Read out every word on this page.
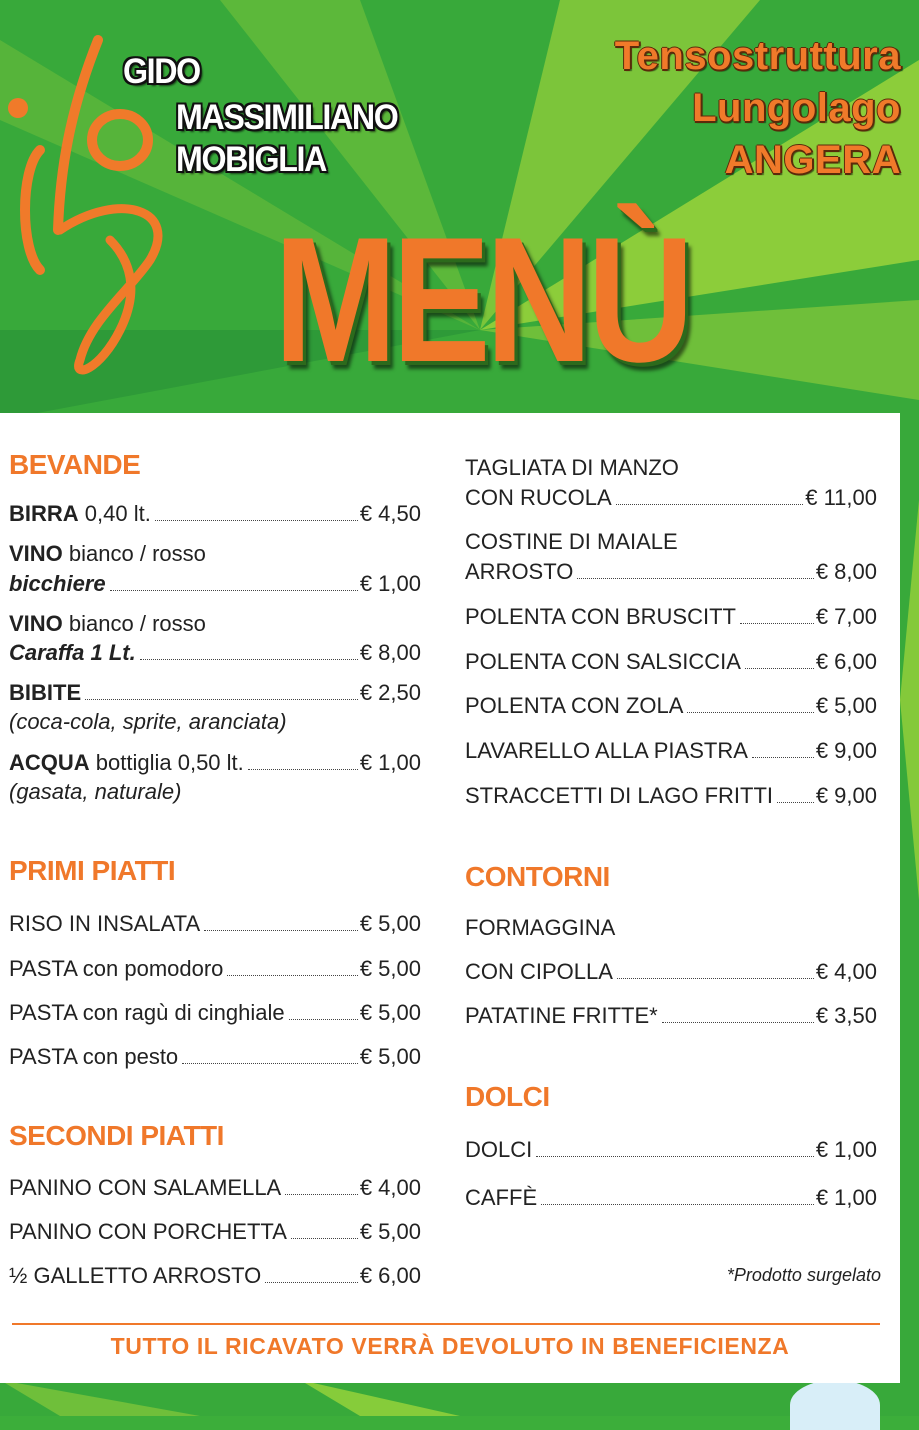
GIDO
MASSIMILIANO
MOBIGLIA
Tensostruttura
Lungolago
ANGERA
MENÙ
BEVANDE
BIRRA 0,40 lt.	€ 4,50
VINO bianco / rosso
bicchiere	€ 1,00
VINO bianco / rosso
Caraffa 1 Lt.	€ 8,00
BIBITE	€ 2,50
(coca-cola, sprite, aranciata)
ACQUA bottiglia 0,50 lt.	€ 1,00
(gasata, naturale)
PRIMI PIATTI
RISO IN INSALATA	€ 5,00
PASTA con pomodoro	€ 5,00
PASTA con ragù di cinghiale	€ 5,00
PASTA con pesto	€ 5,00
SECONDI PIATTI
PANINO CON SALAMELLA	€ 4,00
PANINO CON PORCHETTA	€ 5,00
½ GALLETTO ARROSTO	€ 6,00
TAGLIATA DI MANZO
CON RUCOLA	€ 11,00
COSTINE DI MAIALE
ARROSTO	€ 8,00
POLENTA CON BRUSCITT	€ 7,00
POLENTA CON SALSICCIA	€ 6,00
POLENTA CON ZOLA	€ 5,00
LAVARELLO ALLA PIASTRA	€ 9,00
STRACCETTI DI LAGO FRITTI € 9,00
CONTORNI
FORMAGGINA
CON CIPOLLA	€ 4,00
PATATINE FRITTE*	€ 3,50
DOLCI
DOLCI	€ 1,00
CAFFÈ	€ 1,00
*Prodotto surgelato
TUTTO IL RICAVATO VERRÀ DEVOLUTO IN BENEFICIENZA
